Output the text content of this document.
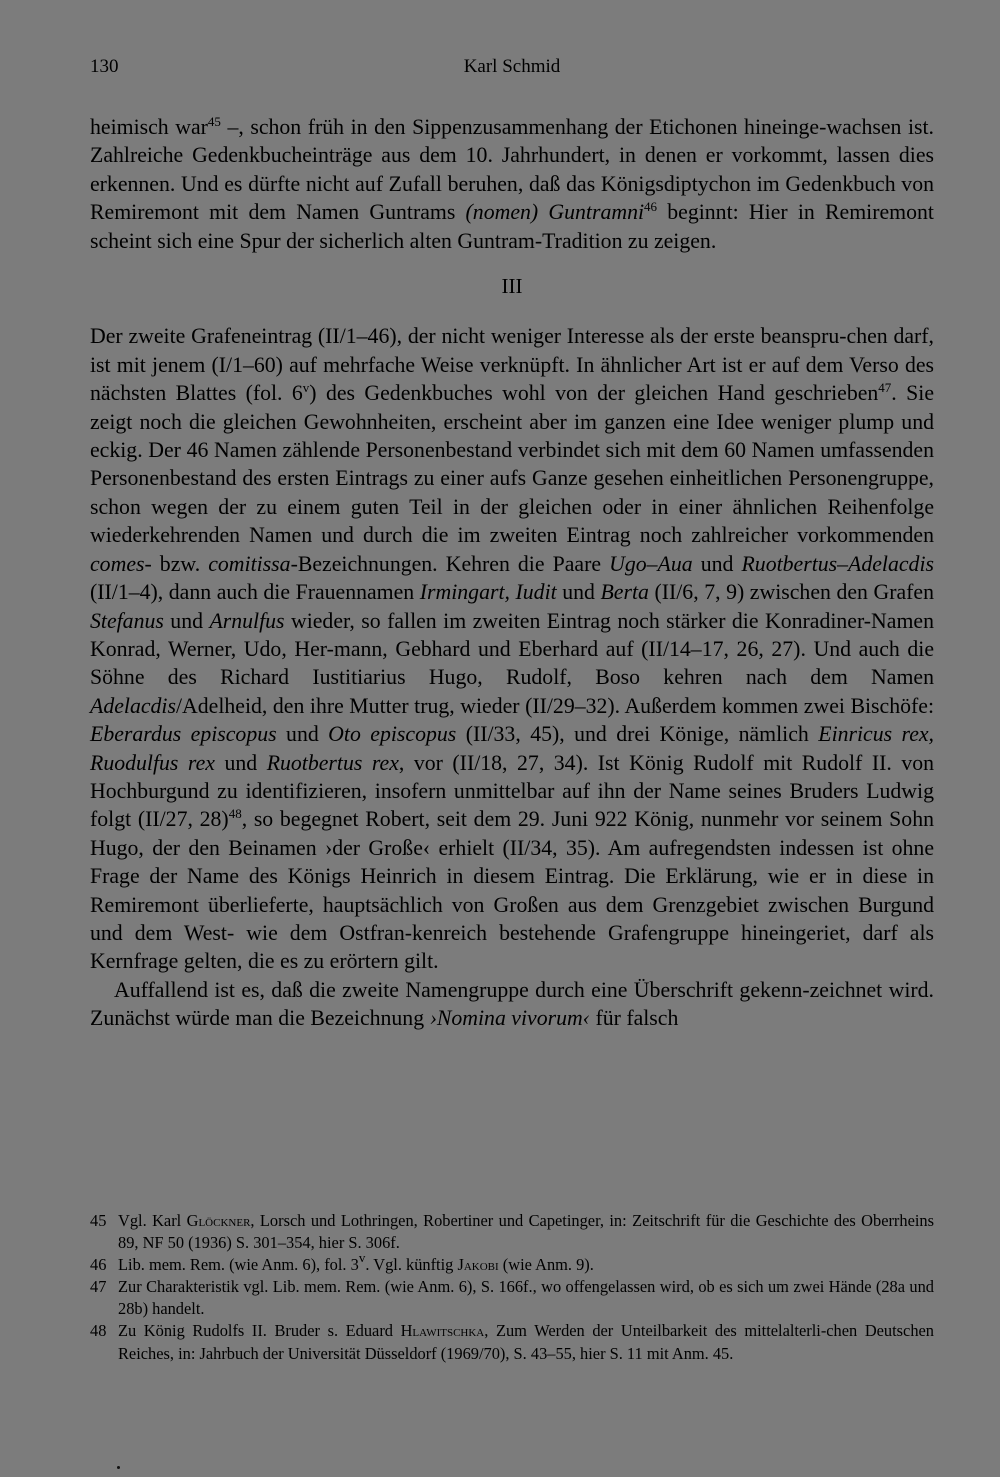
130	Karl Schmid

heimisch war$^{45}$ –, schon früh in den Sippenzusammenhang der Etichonen hineinge-wachsen ist. Zahlreiche Gedenkbucheinträge aus dem 10. Jahrhundert, in denen er vorkommt, lassen dies erkennen. Und es dürfte nicht auf Zufall beruhen, daß das Königsdiptychon im Gedenkbuch von Remiremont mit dem Namen Guntrams (nomen) Guntramni$^{46}$ beginnt: Hier in Remiremont scheint sich eine Spur der sicherlich alten Guntram-Tradition zu zeigen.

III

Der zweite Grafeneintrag (II/1–46), der nicht weniger Interesse als der erste beanspru-chen darf, ist mit jenem (I/1–60) auf mehrfache Weise verknüpft. In ähnlicher Art ist er auf dem Verso des nächsten Blattes (fol. 6$^v$) des Gedenkbuches wohl von der gleichen Hand geschrieben$^{47}$. Sie zeigt noch die gleichen Gewohnheiten, erscheint aber im ganzen eine Idee weniger plump und eckig. Der 46 Namen zählende Personenbestand verbindet sich mit dem 60 Namen umfassenden Personenbestand des ersten Eintrags zu einer aufs Ganze gesehen einheitlichen Personengruppe, schon wegen der zu einem guten Teil in der gleichen oder in einer ähnlichen Reihenfolge wiederkehrenden Namen und durch die im zweiten Eintrag noch zahlreicher vorkommenden comes- bzw. comitissa-Bezeichnungen. Kehren die Paare Ugo–Aua und Ruotbertus–Adelacdis (II/1–4), dann auch die Frauennamen Irmingart, Iudit und Berta (II/6, 7, 9) zwischen den Grafen Stefanus und Arnulfus wieder, so fallen im zweiten Eintrag noch stärker die Konradiner-Namen Konrad, Werner, Udo, Her-mann, Gebhard und Eberhard auf (II/14–17, 26, 27). Und auch die Söhne des Richard Iustitiarius Hugo, Rudolf, Boso kehren nach dem Namen Adelacdis/Adelheid, den ihre Mutter trug, wieder (II/29–32). Außerdem kommen zwei Bischöfe: Eberardus episcopus und Oto episcopus (II/33, 45), und drei Könige, nämlich Einricus rex, Ruodulfus rex und Ruotbertus rex, vor (II/18, 27, 34). Ist König Rudolf mit Rudolf II. von Hochburgund zu identifizieren, insofern unmittelbar auf ihn der Name seines Bruders Ludwig folgt (II/27, 28)$^{48}$, so begegnet Robert, seit dem 29. Juni 922 König, nunmehr vor seinem Sohn Hugo, der den Beinamen ›der Große‹ erhielt (II/34, 35). Am aufregendsten indessen ist ohne Frage der Name des Königs Heinrich in diesem Eintrag. Die Erklärung, wie er in diese in Remiremont überlieferte, hauptsächlich von Großen aus dem Grenzgebiet zwischen Burgund und dem West- wie dem Ostfran-kenreich bestehende Grafengruppe hineingeriet, darf als Kernfrage gelten, die es zu erörtern gilt.

Auffallend ist es, daß die zweite Namengruppe durch eine Überschrift gekenn-zeichnet wird. Zunächst würde man die Bezeichnung ›Nomina vivorum‹ für falsch

45 Vgl. Karl Glöckner, Lorsch und Lothringen, Robertiner und Capetinger, in: Zeitschrift für die Geschichte des Oberrheins 89, NF 50 (1936) S. 301–354, hier S. 306f.
46 Lib. mem. Rem. (wie Anm. 6), fol. 3$^v$. Vgl. künftig Jakobi (wie Anm. 9).
47 Zur Charakteristik vgl. Lib. mem. Rem. (wie Anm. 6), S. 166f., wo offengelassen wird, ob es sich um zwei Hände (28a und 28b) handelt.
48 Zu König Rudolfs II. Bruder s. Eduard Hlawitschka, Zum Werden der Unteilbarkeit des mittelalterli-chen Deutschen Reiches, in: Jahrbuch der Universität Düsseldorf (1969/70), S. 43–55, hier S. 11 mit Anm. 45.
